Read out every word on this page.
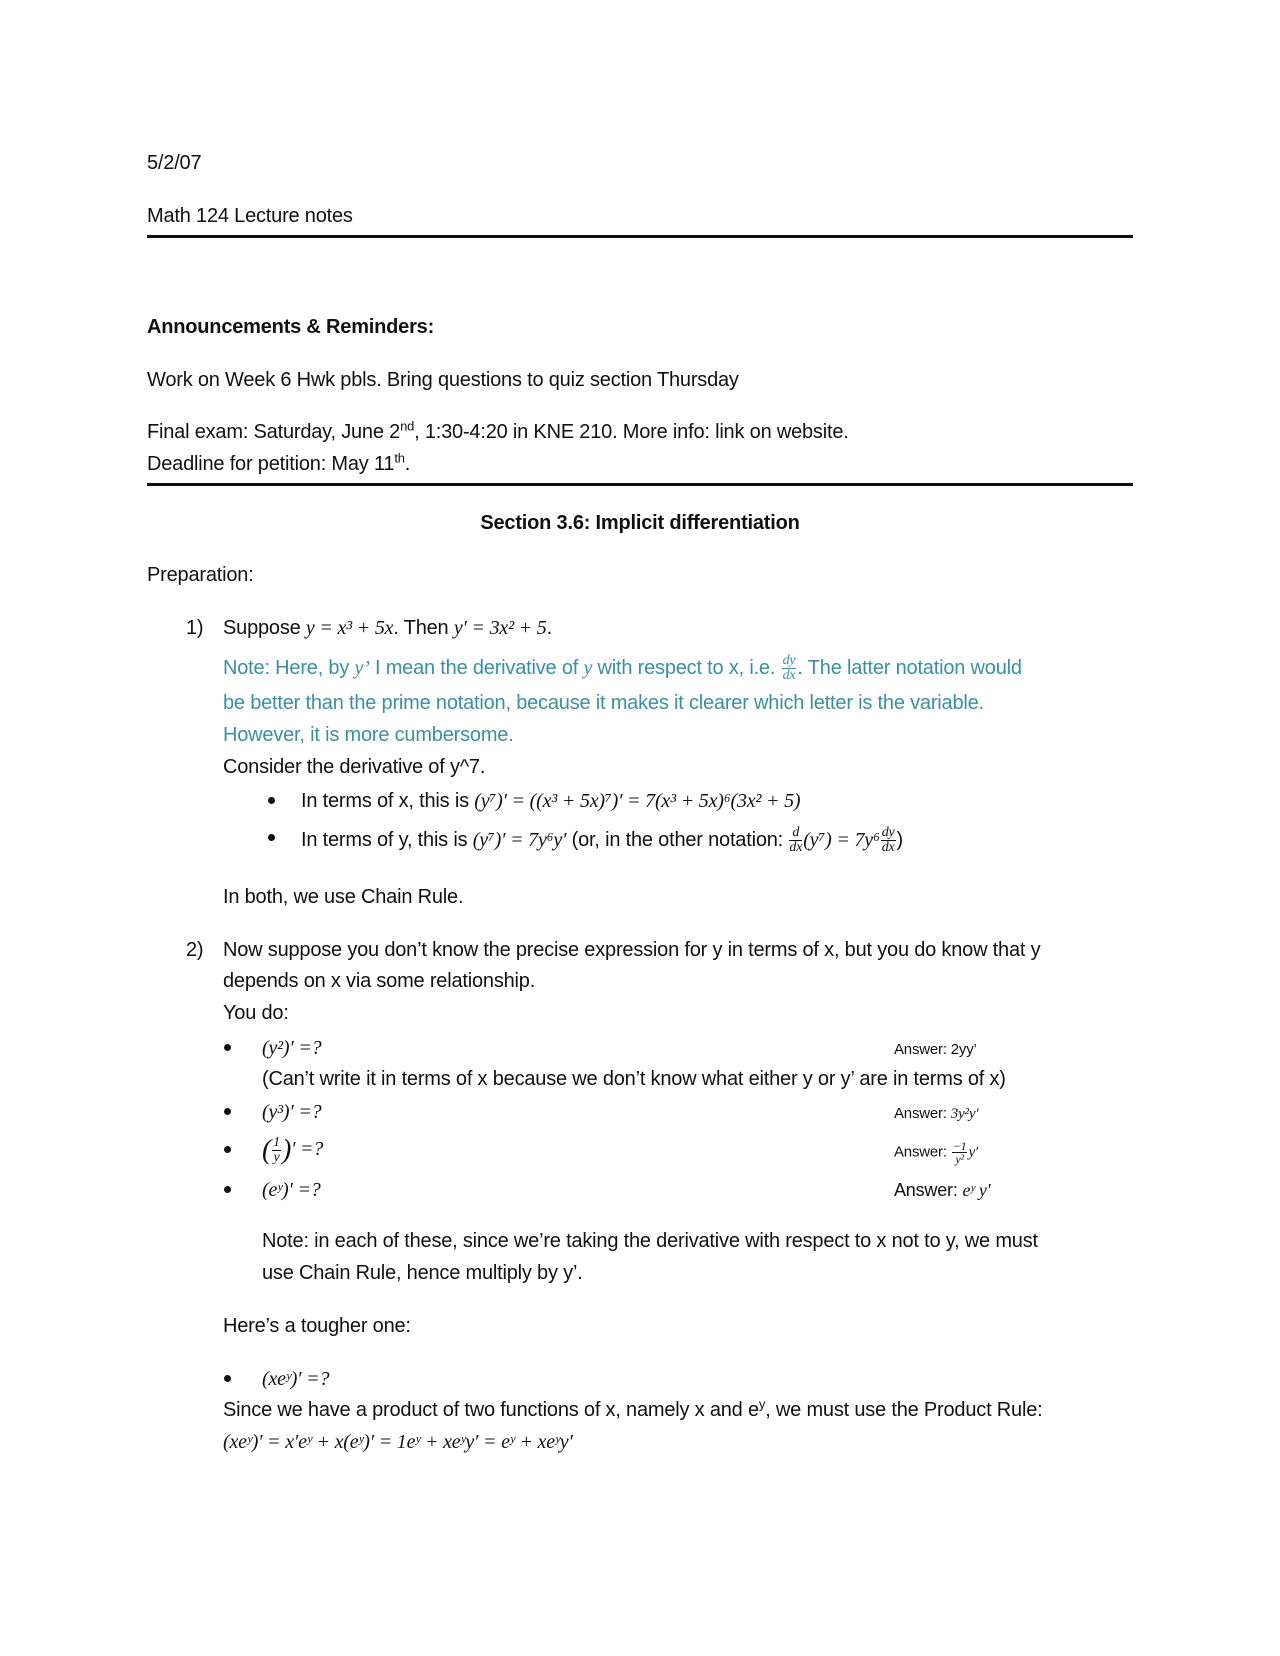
5/2/07
Math 124 Lecture notes
Announcements & Reminders:
Work on Week 6 Hwk pbls. Bring questions to quiz section Thursday
Final exam: Saturday, June 2nd, 1:30-4:20 in KNE 210. More info: link on website.
Deadline for petition: May 11th.
Section 3.6: Implicit differentiation
Preparation:
1) Suppose y = x³ + 5x. Then y′ = 3x² + 5.
Note: Here, by y’ I mean the derivative of y with respect to x, i.e. $\frac{dy}{dx}$ . The latter notation would
be better than the prime notation, because it makes it clearer which letter is the variable.
However, it is more cumbersome.
Consider the derivative of y^7.
In terms of x, this is (y⁷)′ = ((x³ + 5x)⁷)′ = 7(x³ + 5x)⁶(3x² + 5)
In terms of y, this is (y⁷)′ = 7y⁶y′ (or, in the other notation: $\frac{d}{dx} (y^7) = 7y^6 \frac{dy}{dx}$ )
In both, we use Chain Rule.
2) Now suppose you don’t know the precise expression for y in terms of x, but you do know that y
depends on x via some relationship.
You do:
(y²)′ =?	Answer: 2yy’
(Can’t write it in terms of x because we don’t know what either y or y’ are in terms of x)
(y³)′ =?	Answer: 3y²y′
( $\frac{1}{y}$ )′ =?	Answer: $\frac{-1}{\text{y²}} y'$
(eʸ)′ =?	Answer: eʸ y′
Note: in each of these, since we’re taking the derivative with respect to x not to y, we must
use Chain Rule, hence multiply by y’.
Here’s a tougher one:
(xeʸ)′ =?
Since we have a product of two functions of x, namely x and $e^y$, we must use the Product Rule:
(xeʸ)′ = x′eʸ + x(eʸ)′ = 1eʸ + xeʸy′ = eʸ + xeʸy′
